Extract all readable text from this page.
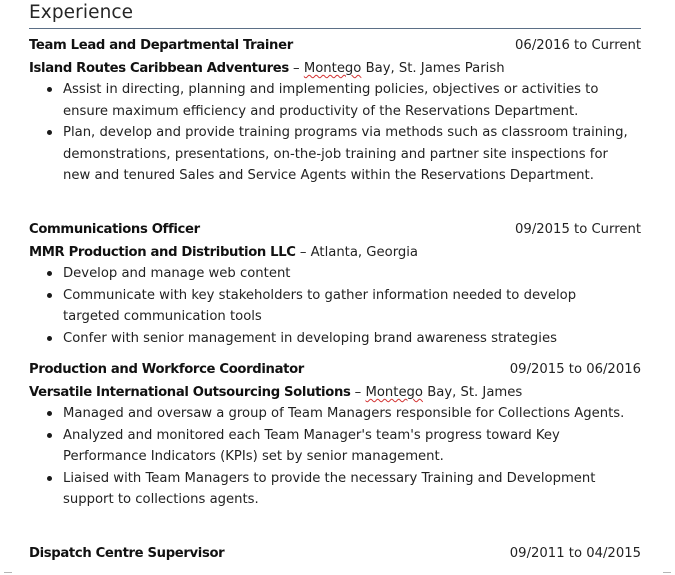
Experience
Team Lead and Departmental Trainer	06/2016 to Current
Island Routes Caribbean Adventures – Montego Bay, St. James Parish
Assist in directing, planning and implementing policies, objectives or activities to ensure maximum efficiency and productivity of the Reservations Department.
Plan, develop and provide training programs via methods such as classroom training, demonstrations, presentations, on-the-job training and partner site inspections for new and tenured Sales and Service Agents within the Reservations Department.
Communications Officer	09/2015 to Current
MMR Production and Distribution LLC – Atlanta, Georgia
Develop and manage web content
Communicate with key stakeholders to gather information needed to develop targeted communication tools
Confer with senior management in developing brand awareness strategies
Production and Workforce Coordinator	09/2015 to 06/2016
Versatile International Outsourcing Solutions – Montego Bay, St. James
Managed and oversaw a group of Team Managers responsible for Collections Agents.
Analyzed and monitored each Team Manager's team's progress toward Key Performance Indicators (KPIs) set by senior management.
Liaised with Team Managers to provide the necessary Training and Development support to collections agents.
Dispatch Centre Supervisor	09/2011 to 04/2015
